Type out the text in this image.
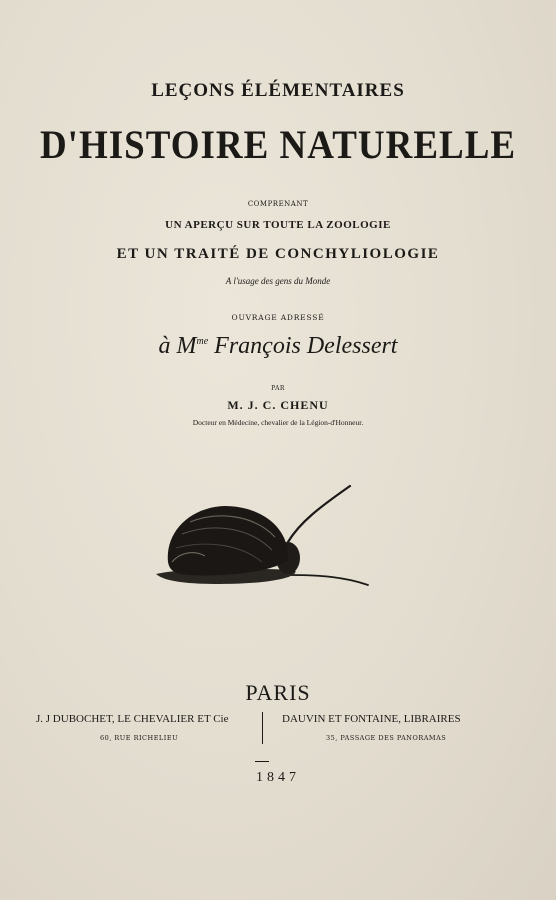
LEÇONS ÉLÉMENTAIRES
D'HISTOIRE NATURELLE
COMPRENANT
UN APERÇU SUR TOUTE LA ZOOLOGIE
ET UN TRAITÉ DE CONCHYLIOLOGIE
A l'usage des gens du Monde
OUVRAGE ADRESSÉ
à $M^{me}$ François Delessert
PAR
M. J. C. CHENU
Docteur en Médecine, chevalier de la Légion-d'Honneur.
PARIS
J. J DUBOCHET, LE CHEVALIER ET Cie	DAUVIN ET FONTAINE, LIBRAIRES
60, RUE RICHELIEU	35, PASSAGE DES PANORAMAS
1847
